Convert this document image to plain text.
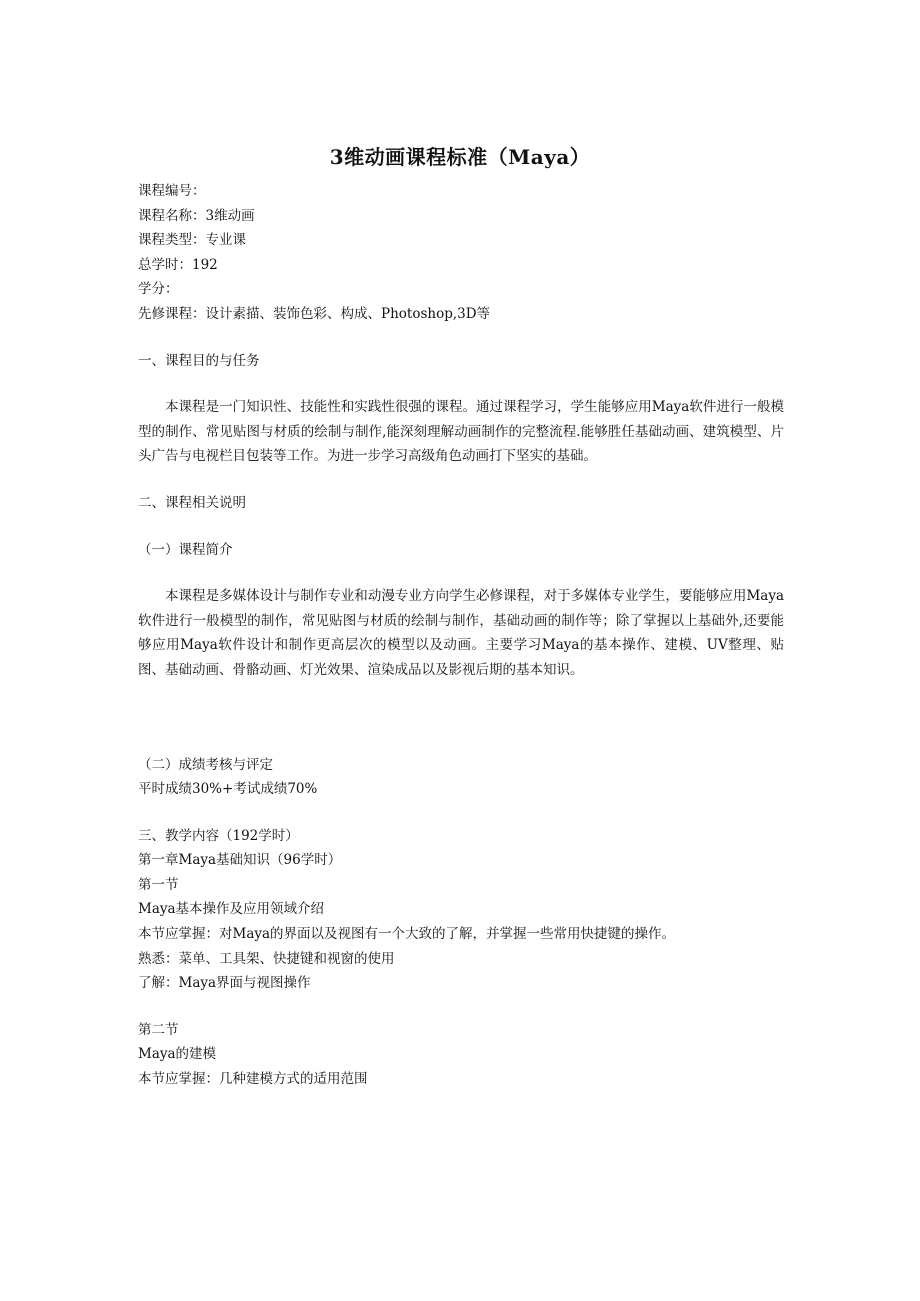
3维动画课程标准（Maya）

课程编号：

课程名称：3维动画

课程类型：专业课

总学时：192

学分：

先修课程：设计素描、装饰色彩、构成、Photoshop,3D等

一、课程目的与任务

本课程是一门知识性、技能性和实践性很强的课程。通过课程学习，学生能够应用Maya软件进行一般模型的制作、常见贴图与材质的绘制与制作,能深刻理解动画制作的完整流程.能够胜任基础动画、建筑模型、片头广告与电视栏目包装等工作。为进一步学习高级角色动画打下坚实的基础。

二、课程相关说明

（一）课程简介

本课程是多媒体设计与制作专业和动漫专业方向学生必修课程，对于多媒体专业学生，要能够应用Maya软件进行一般模型的制作，常见贴图与材质的绘制与制作，基础动画的制作等；除了掌握以上基础外,还要能够应用Maya软件设计和制作更高层次的模型以及动画。主要学习Maya的基本操作、建模、UV整理、贴图、基础动画、骨骼动画、灯光效果、渲染成品以及影视后期的基本知识。

（二）成绩考核与评定

平时成绩30%+考试成绩70%

三、教学内容（192学时）

第一章Maya基础知识（96学时）

第一节

Maya基本操作及应用领域介绍

本节应掌握：对Maya的界面以及视图有一个大致的了解，并掌握一些常用快捷键的操作。

熟悉：菜单、工具架、快捷键和视窗的使用

了解：Maya界面与视图操作

第二节

Maya的建模

本节应掌握：几种建模方式的适用范围
